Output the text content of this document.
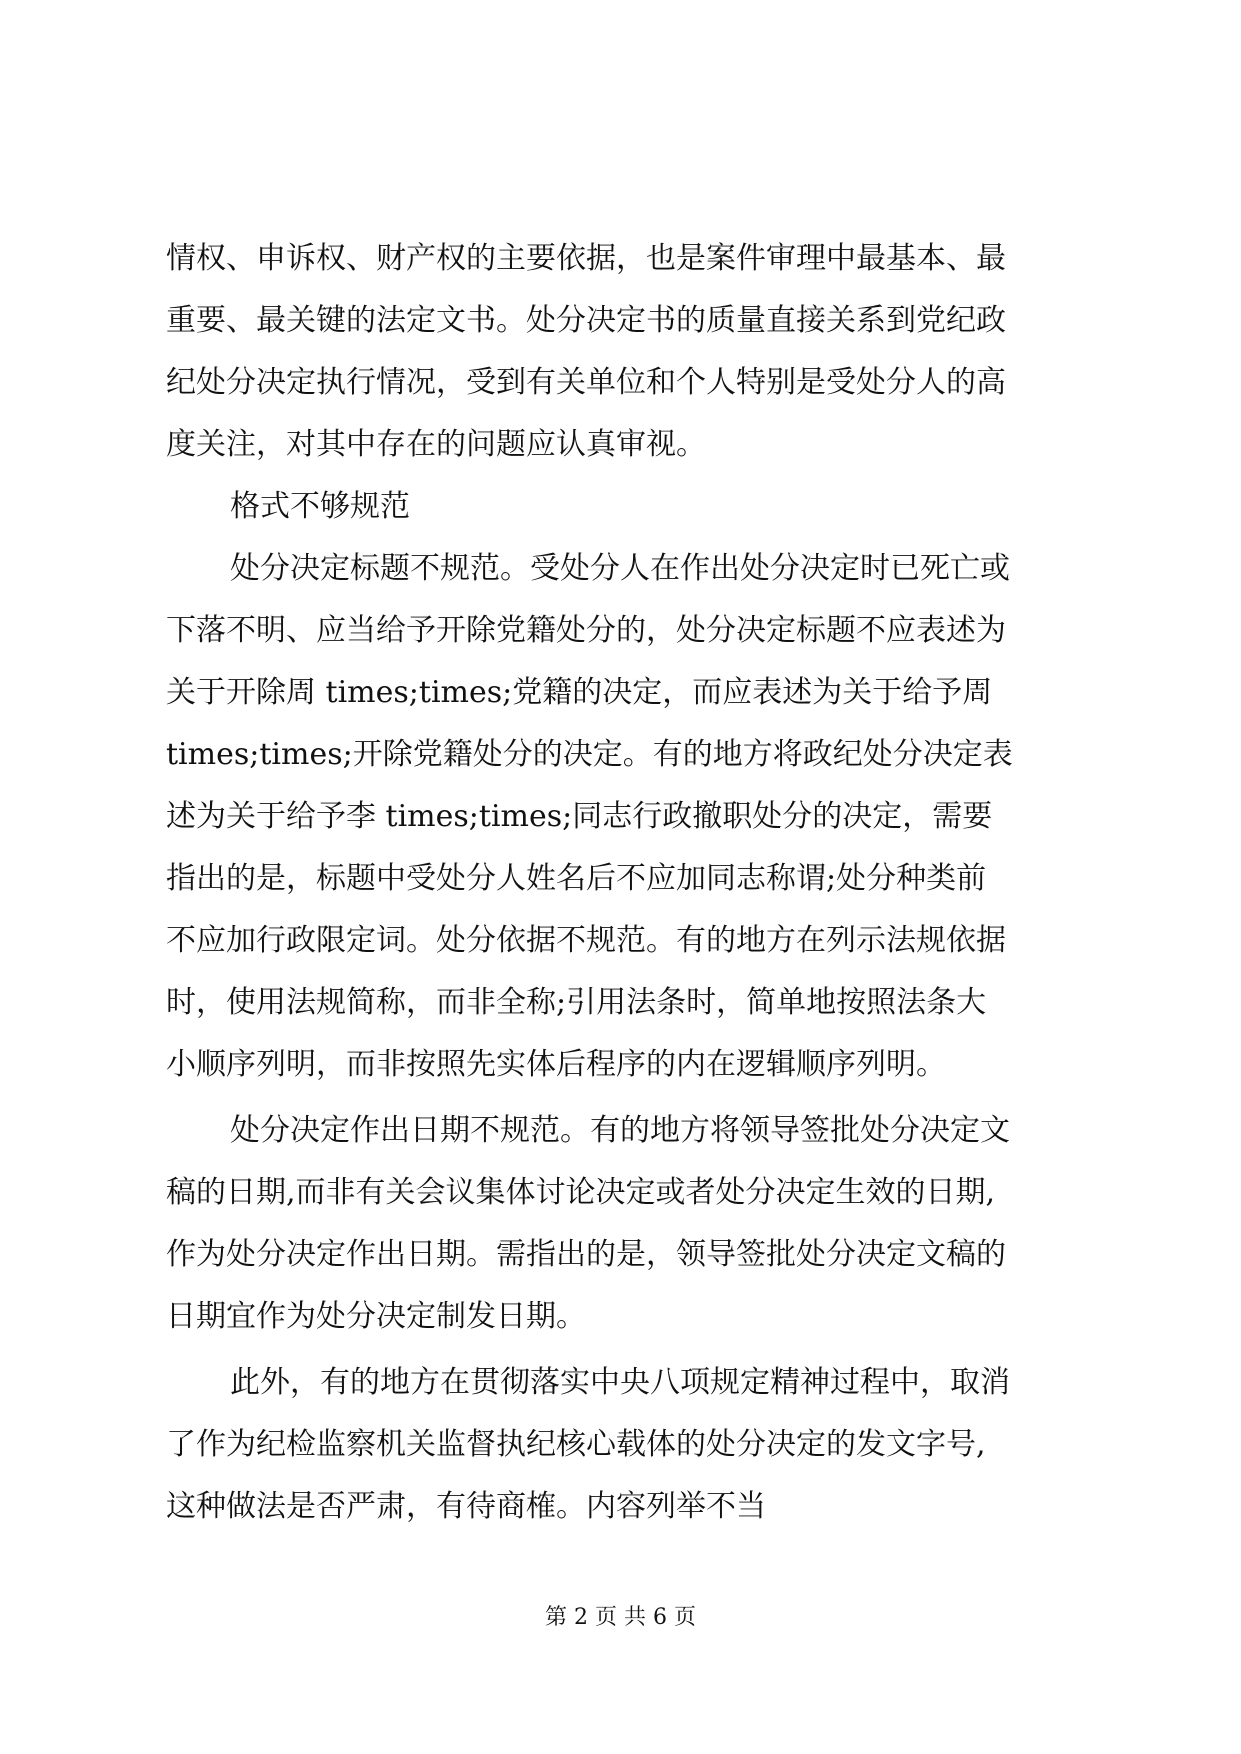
情权、申诉权、财产权的主要依据，也是案件审理中最基本、最
重要、最关键的法定文书。处分决定书的质量直接关系到党纪政
纪处分决定执行情况，受到有关单位和个人特别是受处分人的高
度关注，对其中存在的问题应认真审视。
格式不够规范
处分决定标题不规范。受处分人在作出处分决定时已死亡或
下落不明、应当给予开除党籍处分的，处分决定标题不应表述为
关于开除周 times;times;党籍的决定，而应表述为关于给予周
times;times;开除党籍处分的决定。有的地方将政纪处分决定表
述为关于给予李 times;times;同志行政撤职处分的决定，需要
指出的是，标题中受处分人姓名后不应加同志称谓;处分种类前
不应加行政限定词。处分依据不规范。有的地方在列示法规依据
时，使用法规简称，而非全称;引用法条时，简单地按照法条大
小顺序列明，而非按照先实体后程序的内在逻辑顺序列明。
处分决定作出日期不规范。有的地方将领导签批处分决定文
稿的日期,而非有关会议集体讨论决定或者处分决定生效的日期,
作为处分决定作出日期。需指出的是，领导签批处分决定文稿的
日期宜作为处分决定制发日期。
此外，有的地方在贯彻落实中央八项规定精神过程中，取消
了作为纪检监察机关监督执纪核心载体的处分决定的发文字号,
这种做法是否严肃，有待商榷。内容列举不当
第 2 页 共 6 页
